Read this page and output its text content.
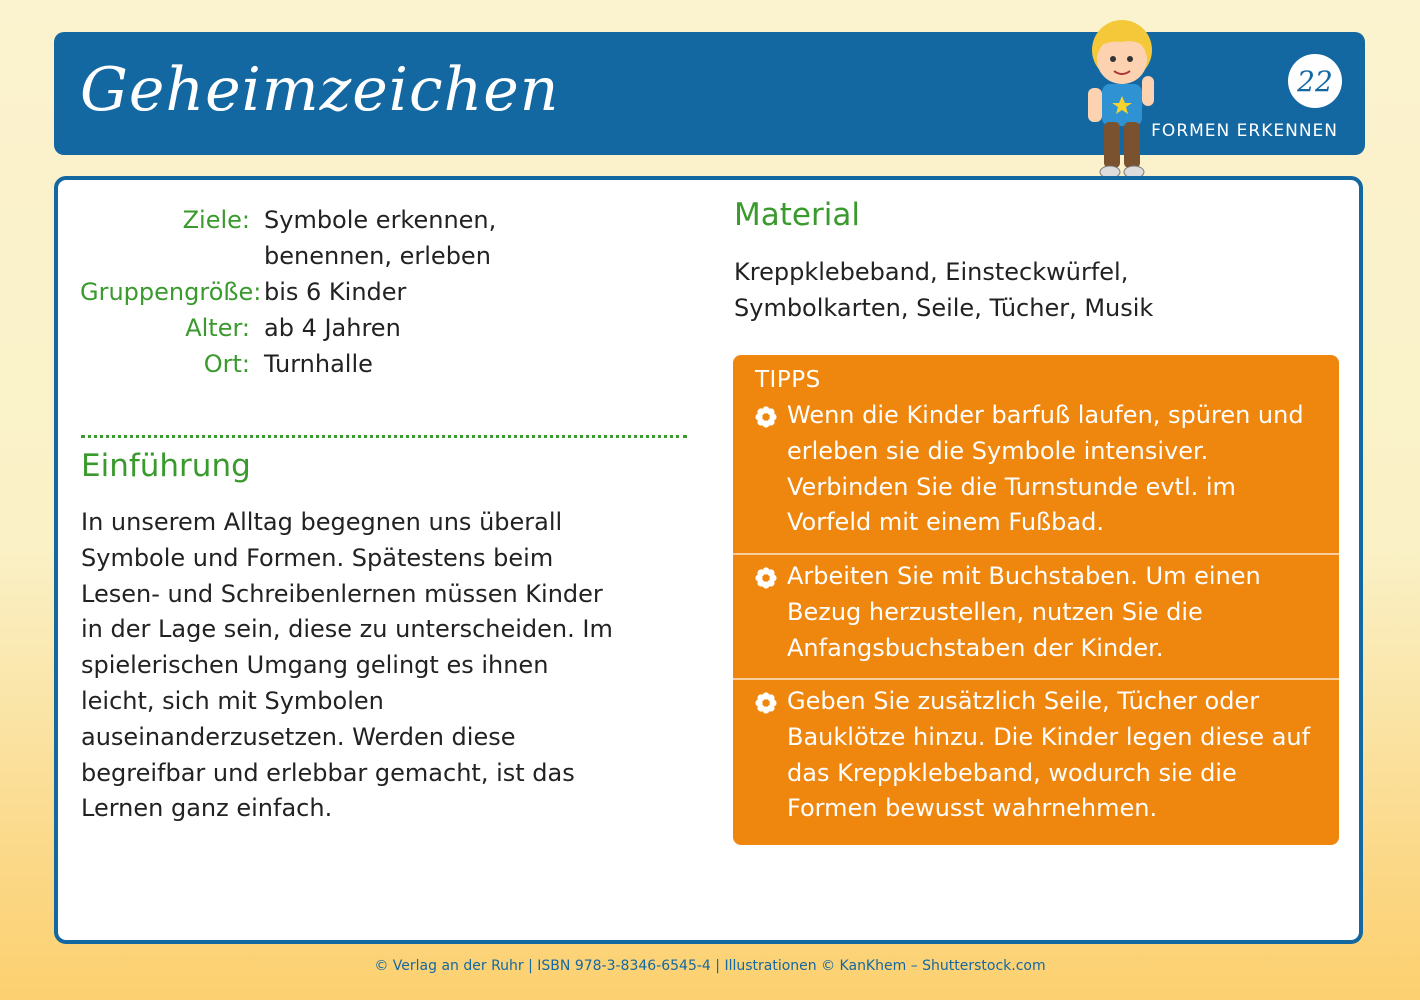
Geheimzeichen	22
FORMEN ERKENNEN
Ziele: Symbole erkennen, benennen, erleben
Gruppengröße: bis 6 Kinder
Alter: ab 4 Jahren
Ort: Turnhalle
Einführung
In unserem Alltag begegnen uns überall Symbole und Formen. Spätestens beim Lesen- und Schreibenlernen müssen Kinder in der Lage sein, diese zu unterscheiden. Im spielerischen Umgang gelingt es ihnen leicht, sich mit Symbolen auseinanderzusetzen. Werden diese begreifbar und erlebbar gemacht, ist das Lernen ganz einfach.
Material
Kreppklebeband, Einsteckwürfel, Symbolkarten, Seile, Tücher, Musik
TIPPS
Wenn die Kinder barfuß laufen, spüren und erleben sie die Symbole intensiver. Verbinden Sie die Turnstunde evtl. im Vorfeld mit einem Fußbad.
Arbeiten Sie mit Buchstaben. Um einen Bezug herzustellen, nutzen Sie die Anfangsbuchstaben der Kinder.
Geben Sie zusätzlich Seile, Tücher oder Bauklötze hinzu. Die Kinder legen diese auf das Kreppklebeband, wodurch sie die Formen bewusst wahrnehmen.
© Verlag an der Ruhr | ISBN 978-3-8346-6545-4 | Illustrationen © KanKhem – Shutterstock.com
